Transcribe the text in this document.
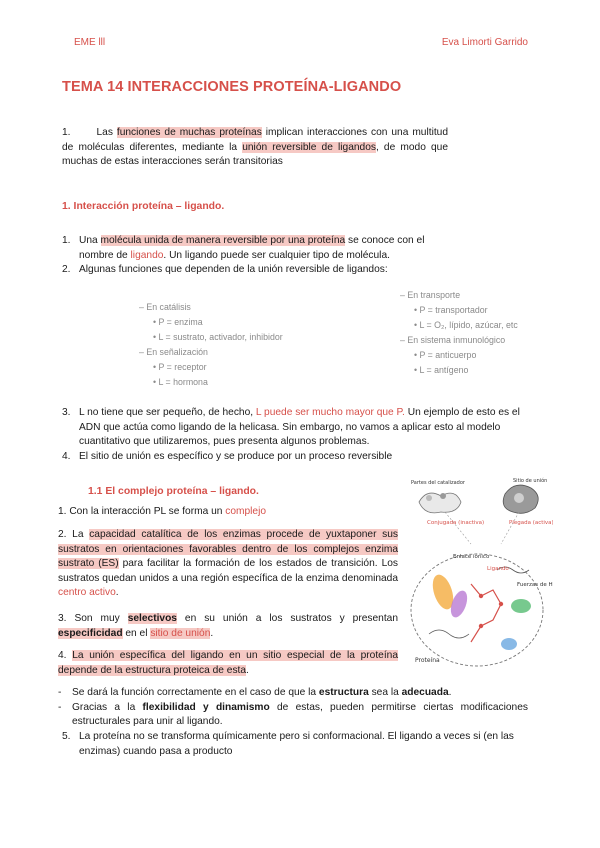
EME lll	Eva Limorti Garrido
TEMA 14 INTERACCIONES PROTEÍNA-LIGANDO
1.	Las funciones de muchas proteínas implican interacciones con una multitud de moléculas diferentes, mediante la unión reversible de ligandos, de modo que muchas de estas interacciones serán transitorias
1. Interacción proteína – ligando.
1. Una molécula unida de manera reversible por una proteína se conoce con el nombre de ligando. Un ligando puede ser cualquier tipo de molécula.
2. Algunas funciones que dependen de la unión reversible de ligandos:
– En catálisis
• P = enzima
• L = sustrato, activador, inhibidor
– En señalización
• P = receptor
• L = hormona
– En transporte
• P = transportador
• L = O₂, lípido, azúcar, etc
– En sistema inmunológico
• P = anticuerpo
• L = antígeno
3. L no tiene que ser pequeño, de hecho, L puede ser mucho mayor que P. Un ejemplo de esto es el ADN que actúa como ligando de la helicasa. Sin embargo, no vamos a aplicar esto al modelo cuantitativo que utilizaremos, pues presenta algunos problemas.
4. El sitio de unión es específico y se produce por un proceso reversible
1.1 El complejo proteína – ligando.
1. Con la interacción PL se forma un complejo
2. La capacidad catalítica de los enzimas procede de yuxtaponer sus sustratos en orientaciones favorables dentro de los complejos enzima sustrato (ES) para facilitar la formación de los estados de transición. Los sustratos quedan unidos a una región específica de la enzima denominada centro activo.
3. Son muy selectivos en su unión a los sustratos y presentan especificidad en el sitio de unión.
4. La unión específica del ligando en un sitio especial de la proteína depende de la estructura proteica de esta.
Partes del catalizador	Sitio de unión
Conjugada (inactiva)	Plegada (activa)
Enlace iónico
Ligando
Fuerzas de H
Proteína
-	Se dará la función correctamente en el caso de que la estructura sea la adecuada.
-	Gracias a la flexibilidad y dinamismo de estas, pueden permitirse ciertas modificaciones estructurales para unir al ligando.
5. La proteína no se transforma químicamente pero si conformacional. El ligando a veces si (en las enzimas) cuando pasa a producto
